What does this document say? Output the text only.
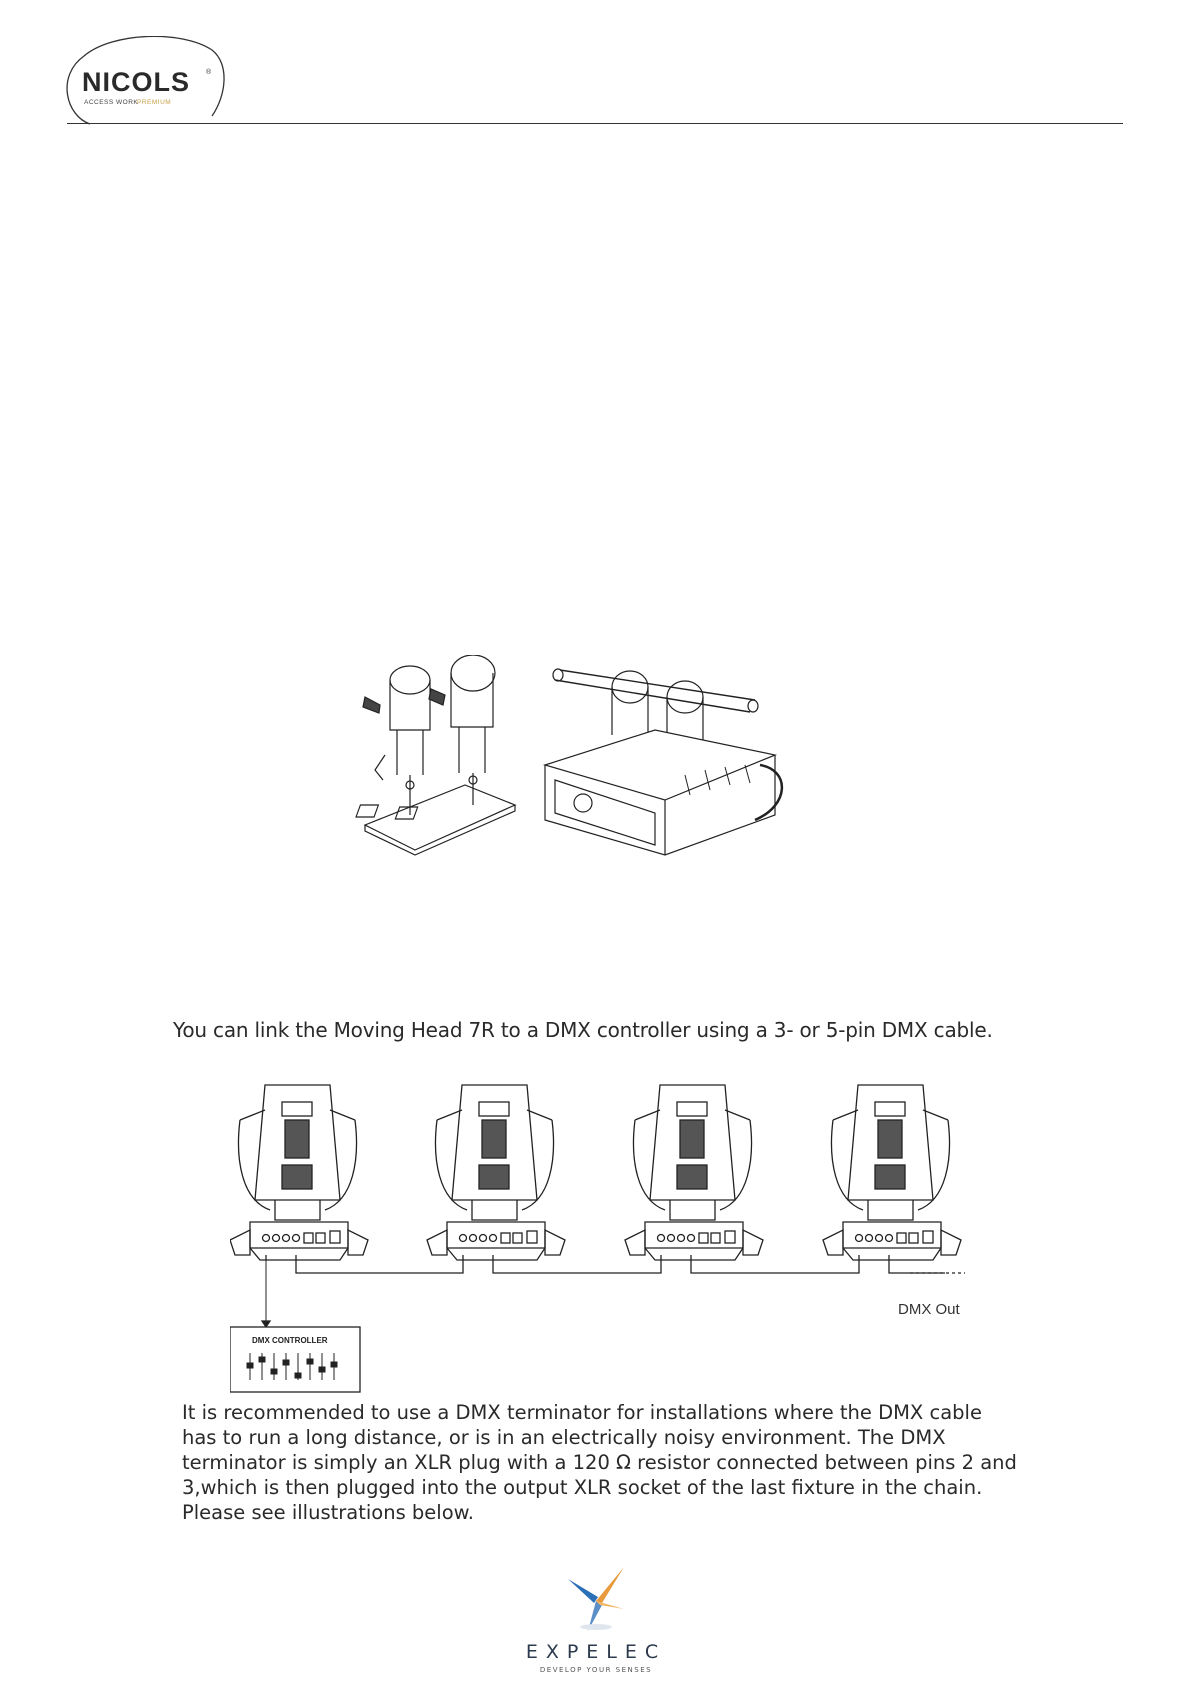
NICOLS ®
ACCESS WORK
PREMIUM
You can link the Moving Head 7R to a DMX controller using a 3- or 5-pin DMX cable.
DMX CONTROLLER
DMX Out
It is recommended to use a DMX terminator for installations where the DMX cable
has to run a long distance, or is in an electrically noisy environment. The DMX
terminator is simply an XLR plug with a 120 Ω resistor connected between pins 2 and
3,which is then plugged into the output XLR socket of the last fixture in the chain.
Please see illustrations below.
EXPELEC
DEVELOP YOUR SENSES
